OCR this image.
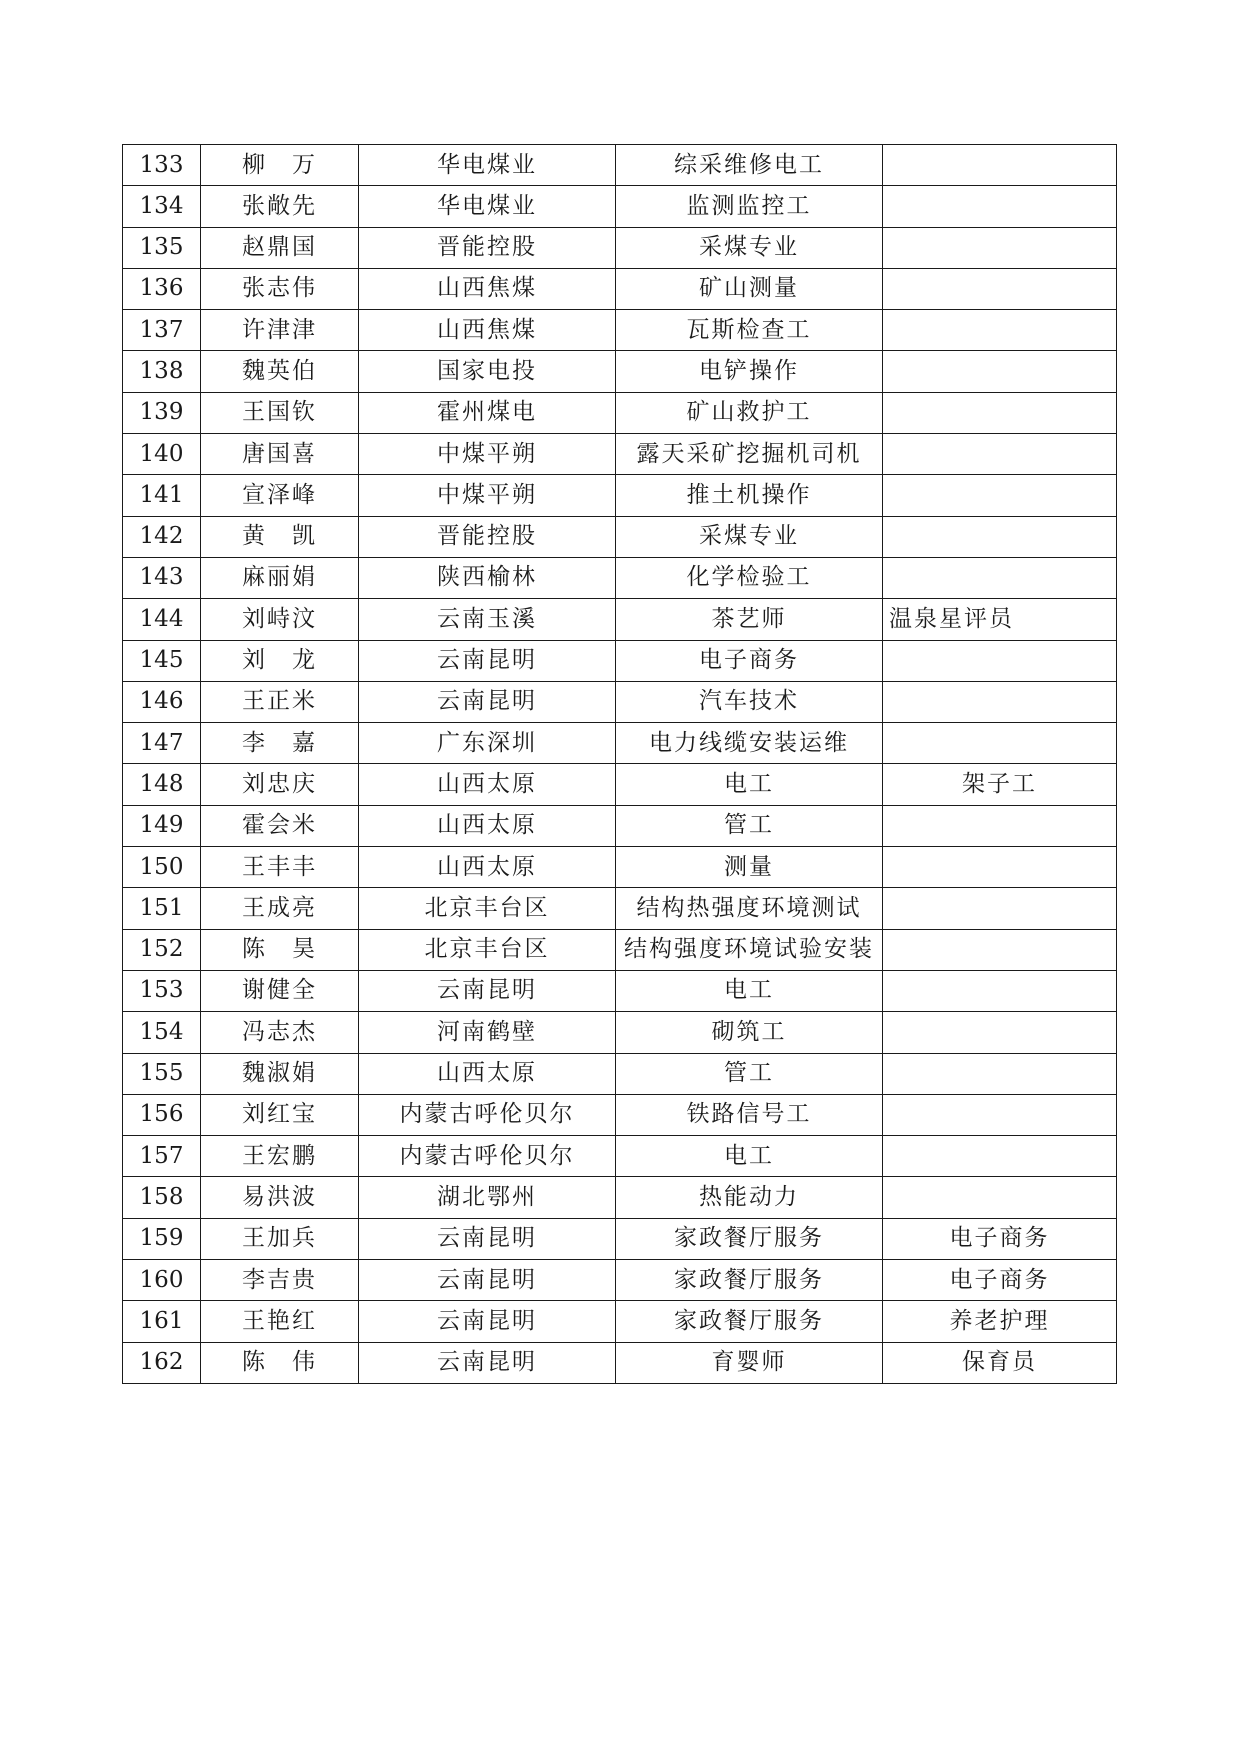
133	柳　万	华电煤业	综采维修电工	
134	张敞先	华电煤业	监测监控工	
135	赵鼎国	晋能控股	采煤专业	
136	张志伟	山西焦煤	矿山测量	
137	许津津	山西焦煤	瓦斯检查工	
138	魏英伯	国家电投	电铲操作	
139	王国钦	霍州煤电	矿山救护工	
140	唐国喜	中煤平朔	露天采矿挖掘机司机	
141	宣泽峰	中煤平朔	推土机操作	
142	黄　凯	晋能控股	采煤专业	
143	麻丽娟	陕西榆林	化学检验工	
144	刘峙汶	云南玉溪	茶艺师	温泉星评员
145	刘　龙	云南昆明	电子商务	
146	王正米	云南昆明	汽车技术	
147	李　嘉	广东深圳	电力线缆安装运维	
148	刘忠庆	山西太原	电工	架子工
149	霍会米	山西太原	管工	
150	王丰丰	山西太原	测量	
151	王成亮	北京丰台区	结构热强度环境测试	
152	陈　昊	北京丰台区	结构强度环境试验安装	
153	谢健全	云南昆明	电工	
154	冯志杰	河南鹤壁	砌筑工	
155	魏淑娟	山西太原	管工	
156	刘红宝	内蒙古呼伦贝尔	铁路信号工	
157	王宏鹏	内蒙古呼伦贝尔	电工	
158	易洪波	湖北鄂州	热能动力	
159	王加兵	云南昆明	家政餐厅服务	电子商务
160	李吉贵	云南昆明	家政餐厅服务	电子商务
161	王艳红	云南昆明	家政餐厅服务	养老护理
162	陈　伟	云南昆明	育婴师	保育员
